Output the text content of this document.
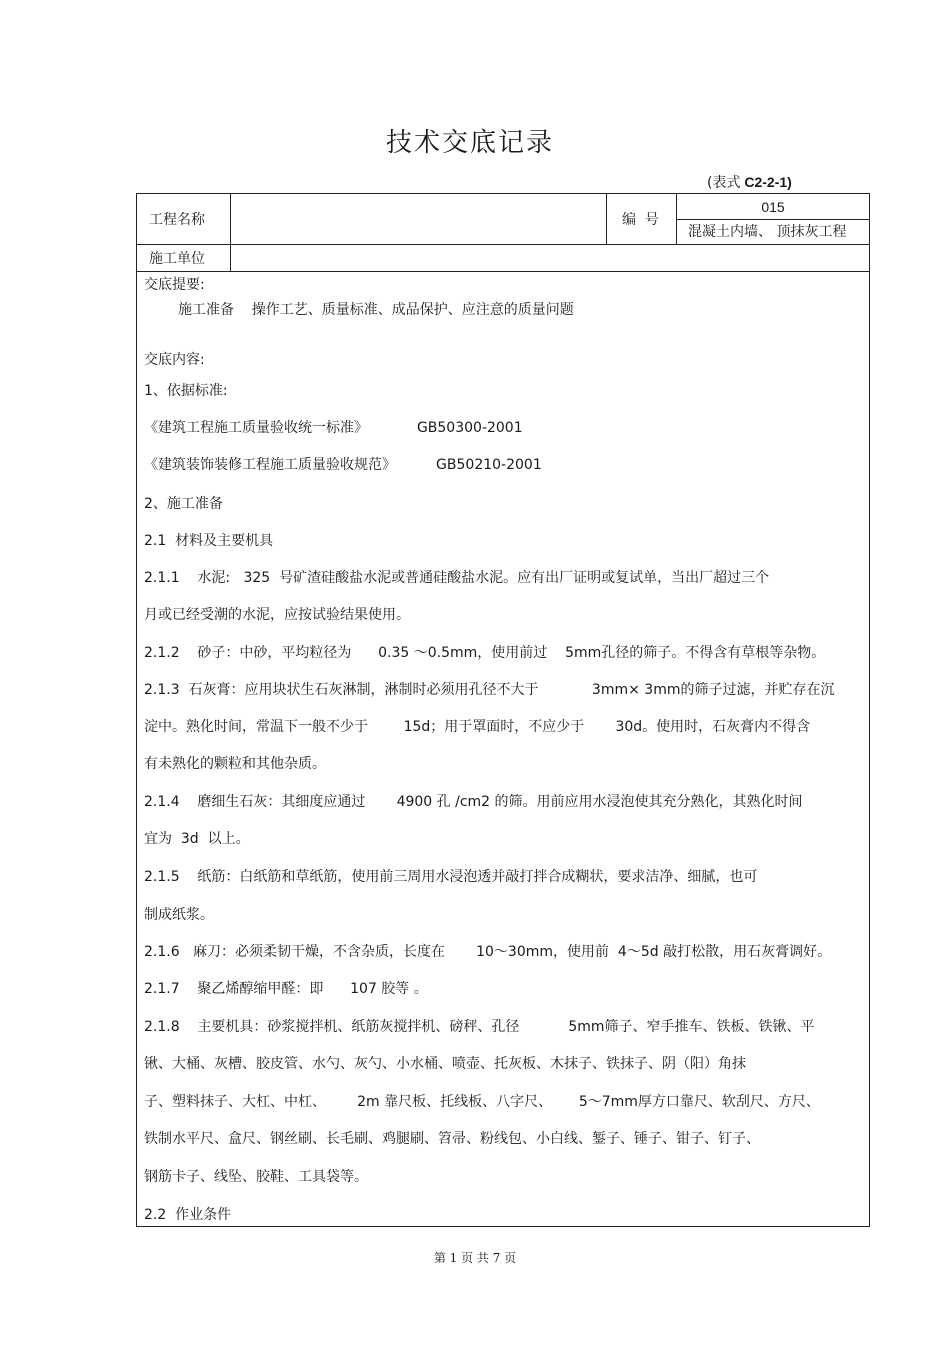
技术交底记录
(表式 C2-2-1)
工程名称	编  号
015
混凝土内墙、 顶抹灰工程
施工单位
交底提要:
施工准备    操作工艺、质量标准、成品保护、应注意的质量问题
交底内容:
1、依据标准:
《建筑工程施工质量验收统一标准》           GB50300-2001
《建筑装饰装修工程施工质量验收规范》         GB50210-2001
2、施工准备
2.1  材料及主要机具
2.1.1    水泥:   325  号矿渣硅酸盐水泥或普通硅酸盐水泥。应有出厂证明或复试单，当出厂超过三个
月或已经受潮的水泥，应按试验结果使用。
2.1.2    砂子：中砂，平均粒径为      0.35 ～0.5mm，使用前过    5mm孔径的筛子。不得含有草根等杂物。
2.1.3  石灰膏：应用块状生石灰淋制，淋制时必须用孔径不大于            3mm× 3mm的筛子过滤，并贮存在沉
淀中。熟化时间，常温下一般不少于        15d；用于罩面时，不应少于       30d。使用时，石灰膏内不得含
有未熟化的颗粒和其他杂质。
2.1.4    磨细生石灰：其细度应通过       4900 孔 /cm2 的筛。用前应用水浸泡使其充分熟化，其熟化时间
宜为  3d  以上。
2.1.5    纸筋：白纸筋和草纸筋，使用前三周用水浸泡透并敲打拌合成糊状，要求洁净、细腻，也可
制成纸浆。
2.1.6   麻刀：必须柔韧干燥，不含杂质，长度在       10～30mm，使用前  4～5d 敲打松散，用石灰膏调好。
2.1.7    聚乙烯醇缩甲醛：即      107 胶等 。
2.1.8    主要机具：砂浆搅拌机、纸筋灰搅拌机、磅秤、孔径           5mm筛子、窄手推车、铁板、铁锹、平
锹、大桶、灰槽、胶皮管、水勺、灰勺、小水桶、喷壶、托灰板、木抹子、铁抹子、阴（阳）角抹
子、塑料抹子、大杠、中杠、       2m 靠尺板、托线板、八字尺、      5～7mm厚方口靠尺、软刮尺、方尺、
铁制水平尺、盒尺、钢丝刷、长毛刷、鸡腿刷、笤帚、粉线包、小白线、錾子、锤子、钳子、钉子、
钢筋卡子、线坠、胶鞋、工具袋等。
2.2  作业条件
第 1 页 共 7 页
